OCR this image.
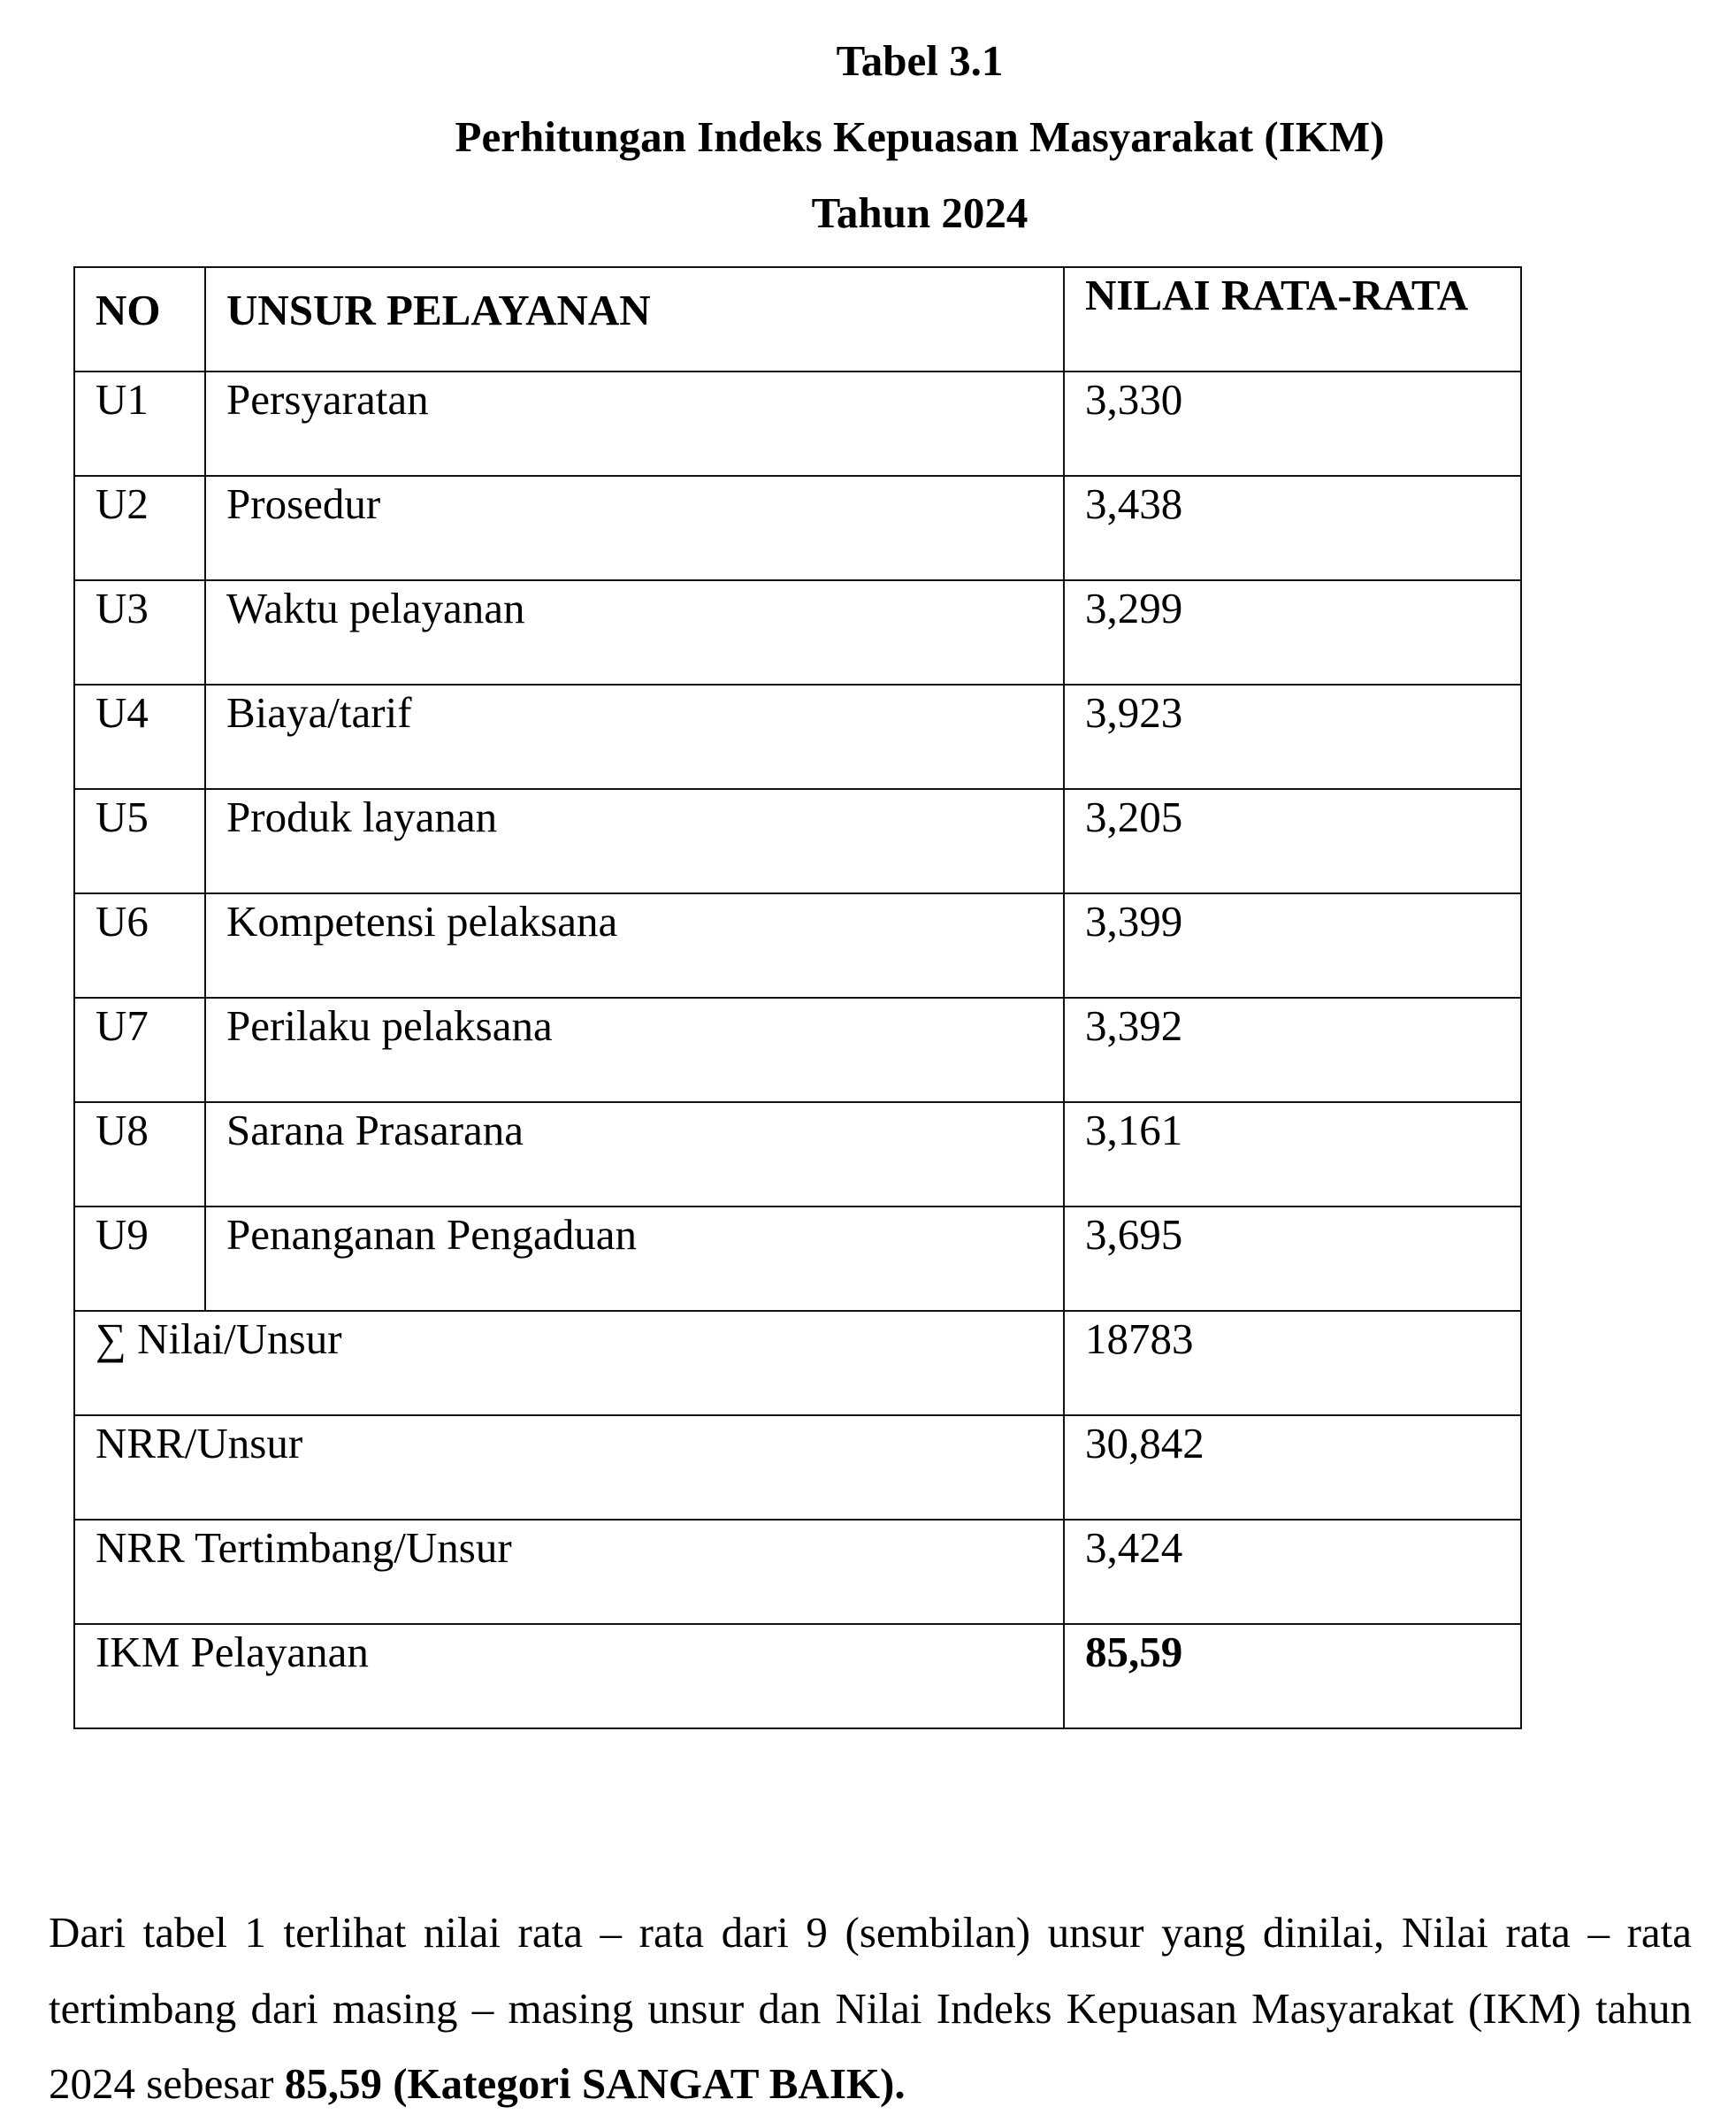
Tabel 3.1
Perhitungan Indeks Kepuasan Masyarakat (IKM)
Tahun 2024
NO	UNSUR PELAYANAN	NILAI RATA-RATA

U1	Persyaratan	3,330

U2	Prosedur	3,438

U3	Waktu pelayanan	3,299

U4	Biaya/tarif	3,923

U5	Produk layanan	3,205

U6	Kompetensi pelaksana	3,399

U7	Perilaku pelaksana	3,392

U8	Sarana Prasarana	3,161

U9	Penanganan Pengaduan	3,695

∑ Nilai/Unsur		18783

NRR/Unsur		30,842

NRR Tertimbang/Unsur		3,424

IKM Pelayanan		85,59

Dari tabel 1 terlihat nilai rata – rata dari 9 (sembilan) unsur yang dinilai, Nilai rata – rata tertimbang dari masing – masing unsur dan Nilai Indeks Kepuasan Masyarakat (IKM) tahun 2024 sebesar 85,59 (Kategori SANGAT BAIK).
